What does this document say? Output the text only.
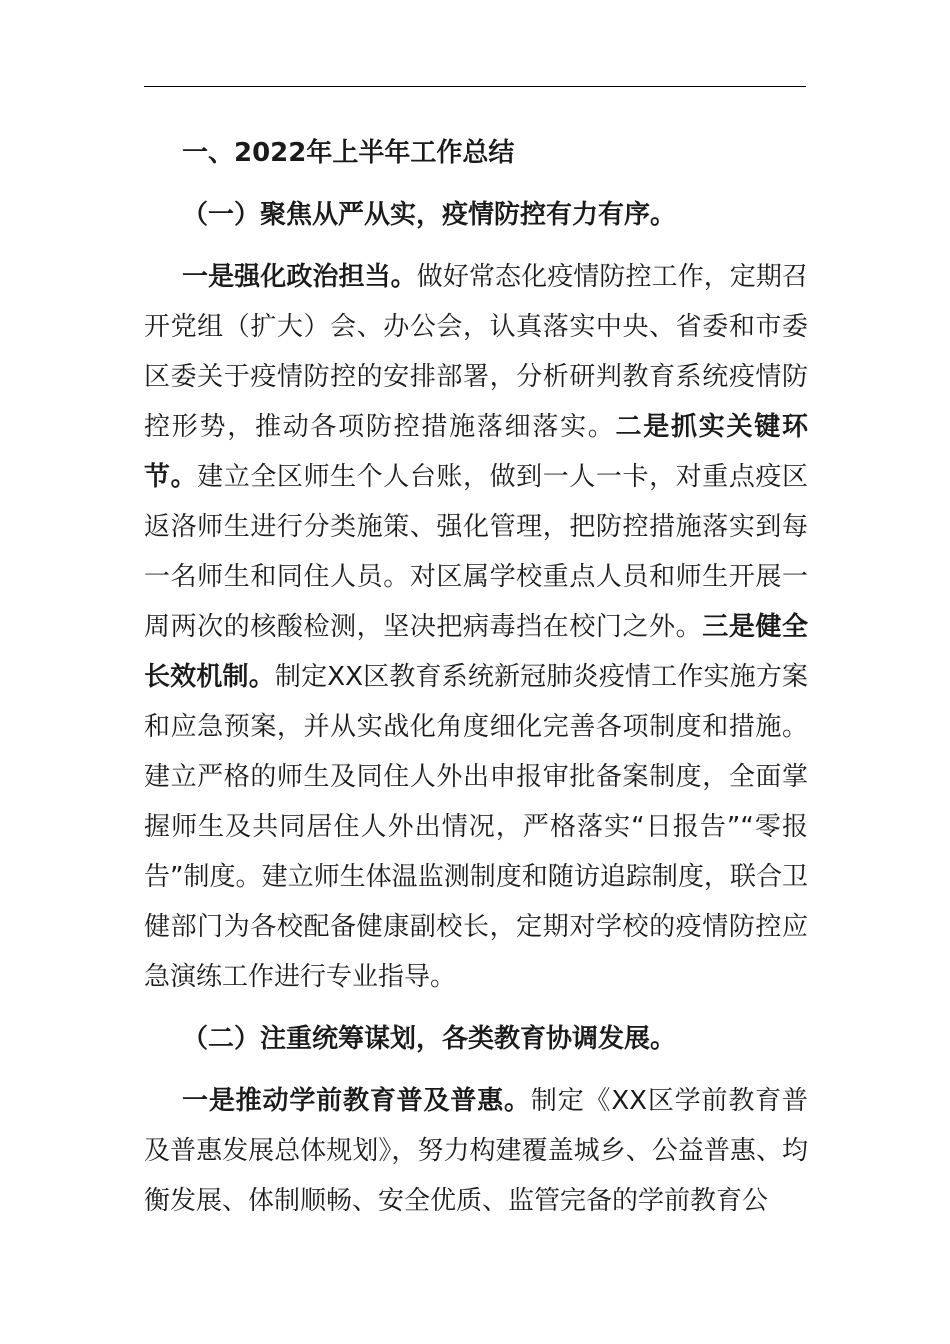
一、2022年上半年工作总结
（一）聚焦从严从实，疫情防控有力有序。

一是强化政治担当。做好常态化疫情防控工作，定期召开党组（扩大）会、办公会，认真落实中央、省委和市委区委关于疫情防控的安排部署，分析研判教育系统疫情防控形势，推动各项防控措施落细落实。二是抓实关键环节。建立全区师生个人台账，做到一人一卡，对重点疫区返洛师生进行分类施策、强化管理，把防控措施落实到每一名师生和同住人员。对区属学校重点人员和师生开展一周两次的核酸检测，坚决把病毒挡在校门之外。三是健全长效机制。制定XX区教育系统新冠肺炎疫情工作实施方案和应急预案，并从实战化角度细化完善各项制度和措施。建立严格的师生及同住人外出申报审批备案制度，全面掌握师生及共同居住人外出情况，严格落实“日报告”“零报告”制度。建立师生体温监测制度和随访追踪制度，联合卫健部门为各校配备健康副校长，定期对学校的疫情防控应急演练工作进行专业指导。

（二）注重统筹谋划，各类教育协调发展。

一是推动学前教育普及普惠。制定《XX区学前教育普及普惠发展总体规划》，努力构建覆盖城乡、公益普惠、均衡发展、体制顺畅、安全优质、监管完备的学前教育公
